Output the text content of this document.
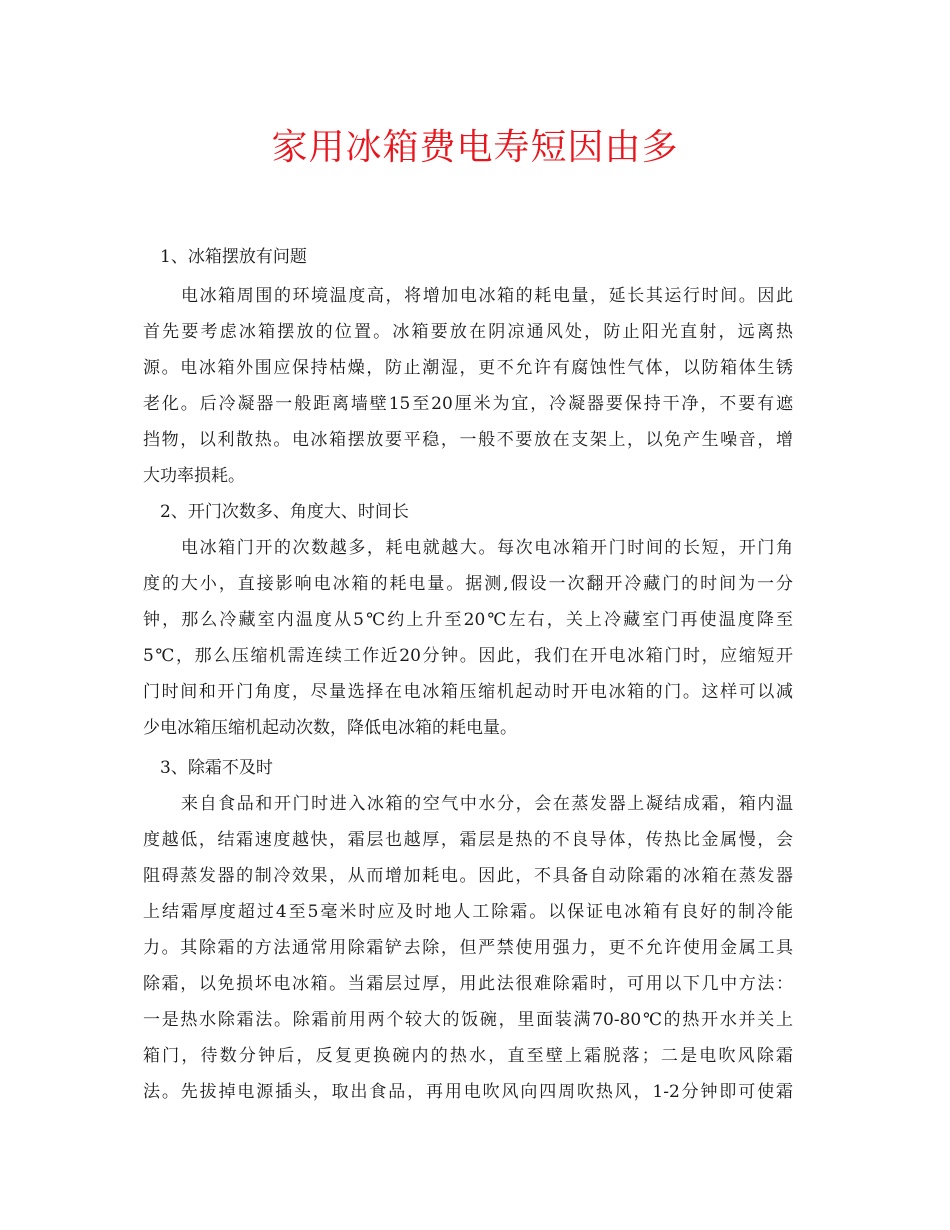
家用冰箱费电寿短因由多
1、冰箱摆放有问题

电冰箱周围的环境温度高，将增加电冰箱的耗电量，延长其运行时间。因此

首先要考虑冰箱摆放的位置。冰箱要放在阴凉通风处，防止阳光直射，远离热

源。电冰箱外围应保持枯燥，防止潮湿，更不允许有腐蚀性气体，以防箱体生锈

老化。后冷凝器一般距离墙壁15至20厘米为宜，冷凝器要保持干净，不要有遮

挡物，以利散热。电冰箱摆放要平稳，一般不要放在支架上，以免产生噪音，增

大功率损耗。

2、开门次数多、角度大、时间长

电冰箱门开的次数越多，耗电就越大。每次电冰箱开门时间的长短，开门角

度的大小，直接影响电冰箱的耗电量。据测,假设一次翻开冷藏门的时间为一分

钟，那么冷藏室内温度从5℃约上升至20℃左右，关上冷藏室门再使温度降至

5℃，那么压缩机需连续工作近20分钟。因此，我们在开电冰箱门时，应缩短开

门时间和开门角度，尽量选择在电冰箱压缩机起动时开电冰箱的门。这样可以减

少电冰箱压缩机起动次数，降低电冰箱的耗电量。

3、除霜不及时

来自食品和开门时进入冰箱的空气中水分，会在蒸发器上凝结成霜，箱内温

度越低，结霜速度越快，霜层也越厚，霜层是热的不良导体，传热比金属慢，会

阻碍蒸发器的制冷效果，从而增加耗电。因此，不具备自动除霜的冰箱在蒸发器

上结霜厚度超过4至5毫米时应及时地人工除霜。以保证电冰箱有良好的制冷能

力。其除霜的方法通常用除霜铲去除，但严禁使用强力，更不允许使用金属工具

除霜，以免损坏电冰箱。当霜层过厚，用此法很难除霜时，可用以下几中方法：

一是热水除霜法。除霜前用两个较大的饭碗，里面装满70-80℃的热开水并关上

箱门，待数分钟后，反复更换碗内的热水，直至壁上霜脱落；二是电吹风除霜

法。先拔掉电源插头，取出食品，再用电吹风向四周吹热风，1-2分钟即可使霜
